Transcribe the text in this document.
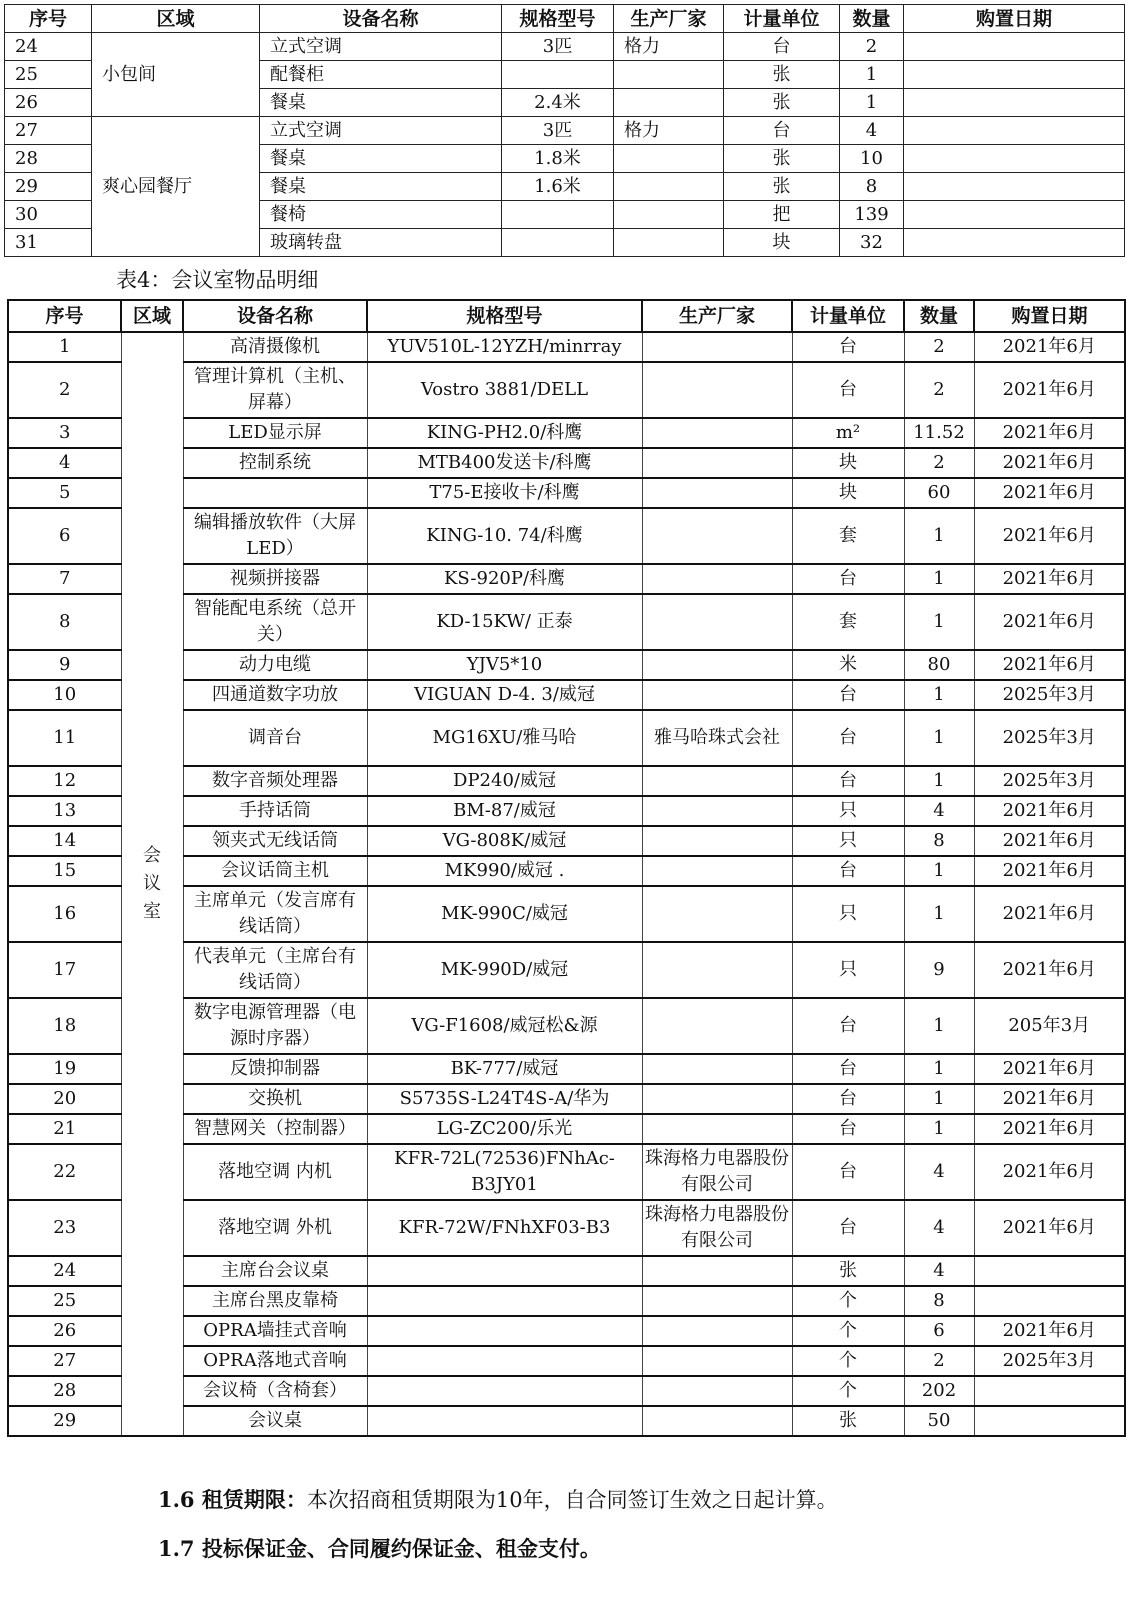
序号	区域	设备名称	规格型号	生产厂家	计量单位	数量	购置日期
24	小包间	立式空调	3匹	格力	台	2	
25		配餐柜			张	1	
26		餐桌	2.4米		张	1	
27	爽心园餐厅	立式空调	3匹	格力	台	4	
28		餐桌	1.8米		张	10	
29		餐桌	1.6米		张	8	
30		餐椅			把	139	
31		玻璃转盘			块	32	
表4：会议室物品明细
序号	区域	设备名称	规格型号	生产厂家	计量单位	数量	购置日期
1	会议室	高清摄像机	YUV510L-12YZH/minrray		台	2	2021年6月
2		管理计算机（主机、屏幕）	Vostro 3881/DELL		台	2	2021年6月
3		LED显示屏	KING-PH2.0/科鹰		m²	11.52	2021年6月
4		控制系统	MTB400发送卡/科鹰		块	2	2021年6月
5			T75-E接收卡/科鹰		块	60	2021年6月
6		编辑播放软件（大屏LED）	KING-10. 74/科鹰		套	1	2021年6月
7		视频拼接器	KS-920P/科鹰		台	1	2021年6月
8		智能配电系统（总开关）	KD-15KW/ 正泰		套	1	2021年6月
9		动力电缆	YJV5*10		米	80	2021年6月
10		四通道数字功放	VIGUAN D-4. 3/威冠		台	1	2025年3月
11		调音台	MG16XU/雅马哈	雅马哈珠式会社	台	1	2025年3月
12		数字音频处理器	DP240/威冠		台	1	2025年3月
13		手持话筒	BM-87/威冠		只	4	2021年6月
14		领夹式无线话筒	VG-808K/威冠		只	8	2021年6月
15		会议话筒主机	MK990/威冠 .		台	1	2021年6月
16		主席单元（发言席有线话筒）	MK-990C/威冠		只	1	2021年6月
17		代表单元（主席台有线话筒）	MK-990D/威冠		只	9	2021年6月
18		数字电源管理器（电源时序器）	VG-F1608/威冠松&源		台	1	205年3月
19		反馈抑制器	BK-777/威冠		台	1	2021年6月
20		交换机	S5735S-L24T4S-A/华为		台	1	2021年6月
21		智慧网关（控制器）	LG-ZC200/乐光		台	1	2021年6月
22		落地空调 内机	KFR-72L(72536)FNhAc-B3JY01	珠海格力电器股份有限公司	台	4	2021年6月
23		落地空调 外机	KFR-72W/FNhXF03-B3	珠海格力电器股份有限公司	台	4	2021年6月
24		主席台会议桌			张	4	
25		主席台黑皮靠椅			个	8	
26		OPRA墙挂式音响			个	6	2021年6月
27		OPRA落地式音响			个	2	2025年3月
28		会议椅（含椅套）			个	202	
29		会议桌			张	50	
1.6 租赁期限：本次招商租赁期限为10年，自合同签订生效之日起计算。
1.7 投标保证金、合同履约保证金、租金支付。
